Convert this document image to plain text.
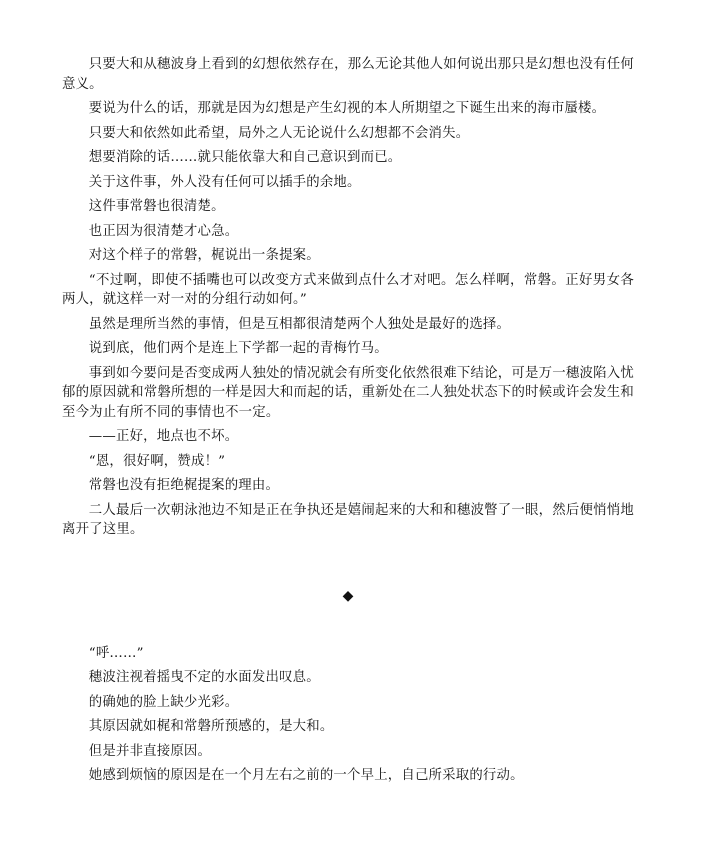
只要大和从穗波身上看到的幻想依然存在，那么无论其他人如何说出那只是幻想也没有任何意义。

要说为什么的话，那就是因为幻想是产生幻视的本人所期望之下诞生出来的海市蜃楼。

只要大和依然如此希望，局外之人无论说什么幻想都不会消失。

想要消除的话……就只能依靠大和自己意识到而已。

关于这件事，外人没有任何可以插手的余地。

这件事常磐也很清楚。

也正因为很清楚才心急。

对这个样子的常磐，梶说出一条提案。

“不过啊，即使不插嘴也可以改变方式来做到点什么才对吧。怎么样啊，常磐。正好男女各两人，就这样一对一对的分组行动如何。”

虽然是理所当然的事情，但是互相都很清楚两个人独处是最好的选择。

说到底，他们两个是连上下学都一起的青梅竹马。

事到如今要问是否变成两人独处的情况就会有所变化依然很难下结论，可是万一穗波陷入忧郁的原因就和常磐所想的一样是因大和而起的话，重新处在二人独处状态下的时候或许会发生和至今为止有所不同的事情也不一定。

——正好，地点也不坏。

“恩，很好啊，赞成！”

常磐也没有拒绝梶提案的理由。

二人最后一次朝泳池边不知是正在争执还是嬉闹起来的大和和穗波瞥了一眼，然后便悄悄地离开了这里。

◆

“呼……”

穗波注视着摇曳不定的水面发出叹息。

的确她的脸上缺少光彩。

其原因就如梶和常磐所预感的，是大和。

但是并非直接原因。

她感到烦恼的原因是在一个月左右之前的一个早上，自己所采取的行动。
